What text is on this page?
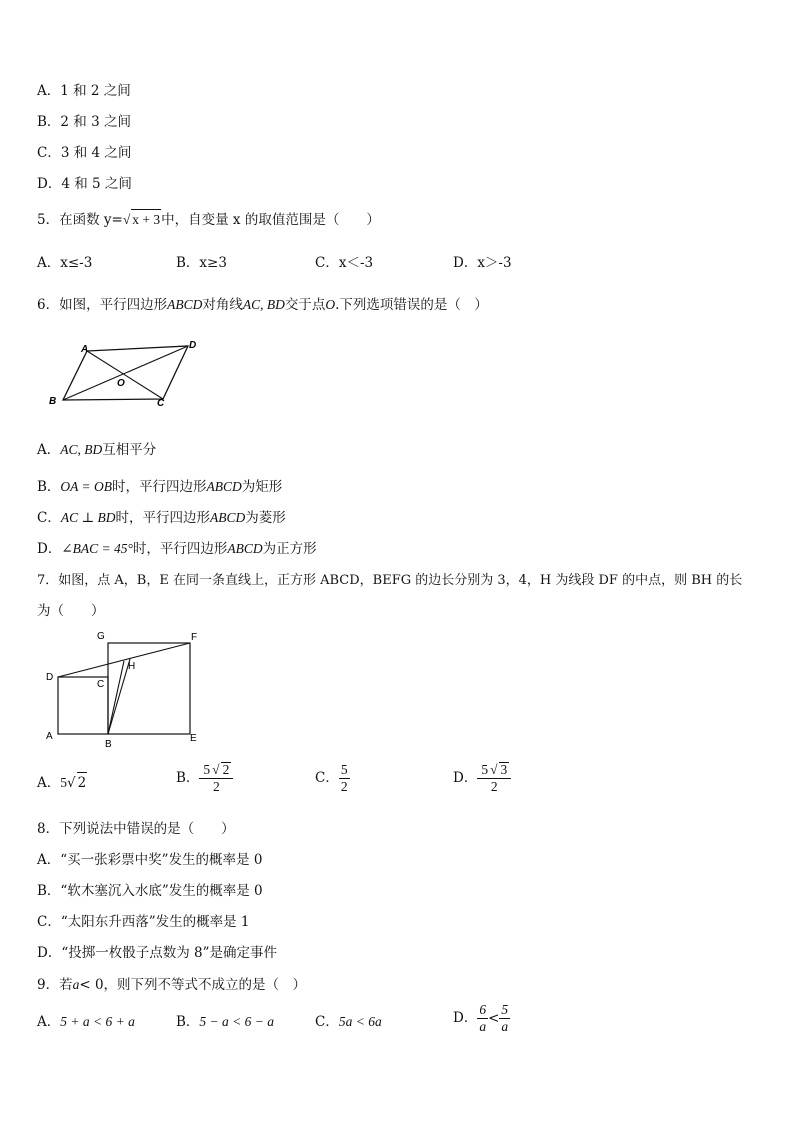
A．1 和 2 之间
B．2 和 3 之间
C．3 和 4 之间
D．4 和 5 之间
5．在函数 y=√ x + 3中，自变量 x 的取值范围是（　　）
A．x≤-3	B．x≥3	C．x＜-3	D．x＞-3
6．如图，平行四边形ABCD对角线AC, BD交于点O.下列选项错误的是（　）
A	D
B	C
O
A．AC, BD互相平分
B．OA = OB时，平行四边形ABCD为矩形
C．AC ⊥ BD时，平行四边形ABCD为菱形
D．∠BAC = 45°时，平行四边形ABCD为正方形
7．如图，点 A，B，E 在同一条直线上，正方形 ABCD，BEFG 的边长分别为 3，4，H 为线段 DF 的中点，则 BH 的长
为（　　）
G	F
H
D
C
A
B
E
A．5√ 2	B． $\frac{5 √ 2}{2}$	C． $\frac{5}{2}$	D． $\frac{5 √ 3}{2}$
8．下列说法中错误的是（　　）
A．“买一张彩票中奖”发生的概率是 0
B．“软木塞沉入水底”发生的概率是 0
C．“太阳东升西落”发生的概率是 1
D．“投掷一枚骰子点数为 8”是确定事件
9．若a< 0，则下列不等式不成立的是（　）
A．5 + a < 6 + a	B．5 − a < 6 − a	C．5a < 6a	D． $\frac{6}{a} < \frac{5}{a}$
